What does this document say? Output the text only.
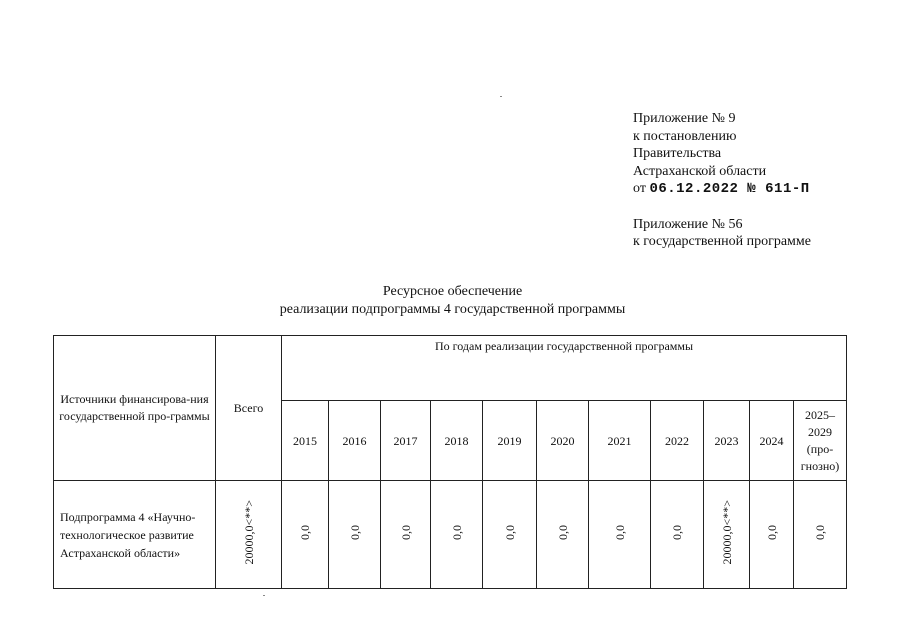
Приложение № 9
к постановлению
Правительства
Астраханской области
от 06.12.2022 № 611-П
Приложение № 56
к государственной программе
Ресурсное обеспечение
реализации подпрограммы 4 государственной программы
Источники финансирова-ния государственной про-граммы	Всего	По годам реализации государственной программы										
		2015	2016	2017	2018	2019	2020	2021	2022	2023	2024	2025–
2029
(про-
гнозно)

Подпрограмма 4 «Научно-технологическое развитие Астраханской области»	20000,0<**>	0,0	0,0	0,0	0,0	0,0	0,0	0,0	0,0	20000,0<**>	0,0	0,0
